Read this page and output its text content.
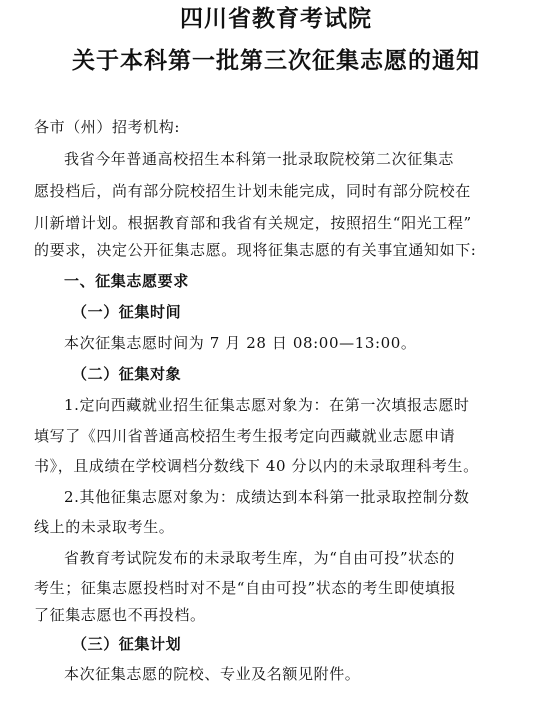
四川省教育考试院
关于本科第一批第三次征集志愿的通知
各市（州）招考机构:
我省今年普通高校招生本科第一批录取院校第二次征集志
愿投档后，尚有部分院校招生计划未能完成，同时有部分院校在
川新增计划。根据教育部和我省有关规定，按照招生“阳光工程”
的要求，决定公开征集志愿。现将征集志愿的有关事宜通知如下:
一、征集志愿要求
（一）征集时间
本次征集志愿时间为 7 月 28 日 08:00—13:00。
（二）征集对象
1.定向西藏就业招生征集志愿对象为：在第一次填报志愿时
填写了《四川省普通高校招生考生报考定向西藏就业志愿申请
书》，且成绩在学校调档分数线下 40 分以内的未录取理科考生。
2.其他征集志愿对象为：成绩达到本科第一批录取控制分数
线上的未录取考生。
省教育考试院发布的未录取考生库，为“自由可投”状态的
考生；征集志愿投档时对不是“自由可投”状态的考生即使填报
了征集志愿也不再投档。
（三）征集计划
本次征集志愿的院校、专业及名额见附件。
